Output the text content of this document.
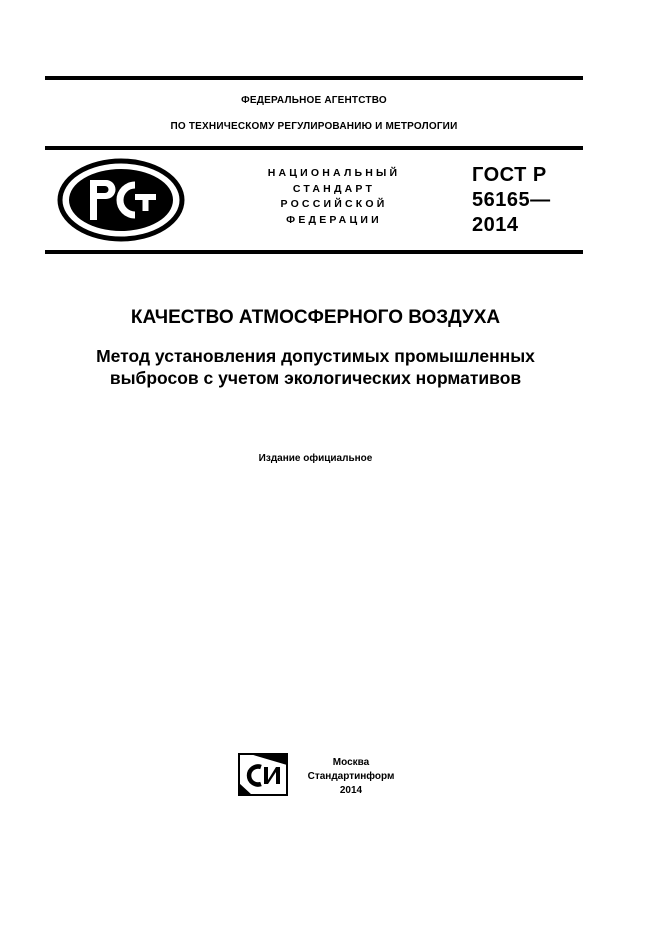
ФЕДЕРАЛЬНОЕ АГЕНТСТВО
ПО ТЕХНИЧЕСКОМУ РЕГУЛИРОВАНИЮ И МЕТРОЛОГИИ
НАЦИОНАЛЬНЫЙ
СТАНДАРТ
РОССИЙСКОЙ
ФЕДЕРАЦИИ
ГОСТ Р
56165—
2014
КАЧЕСТВО АТМОСФЕРНОГО ВОЗДУХА
Метод установления допустимых промышленных
выбросов с учетом экологических нормативов
Издание официальное
Москва
Стандартинформ
2014
